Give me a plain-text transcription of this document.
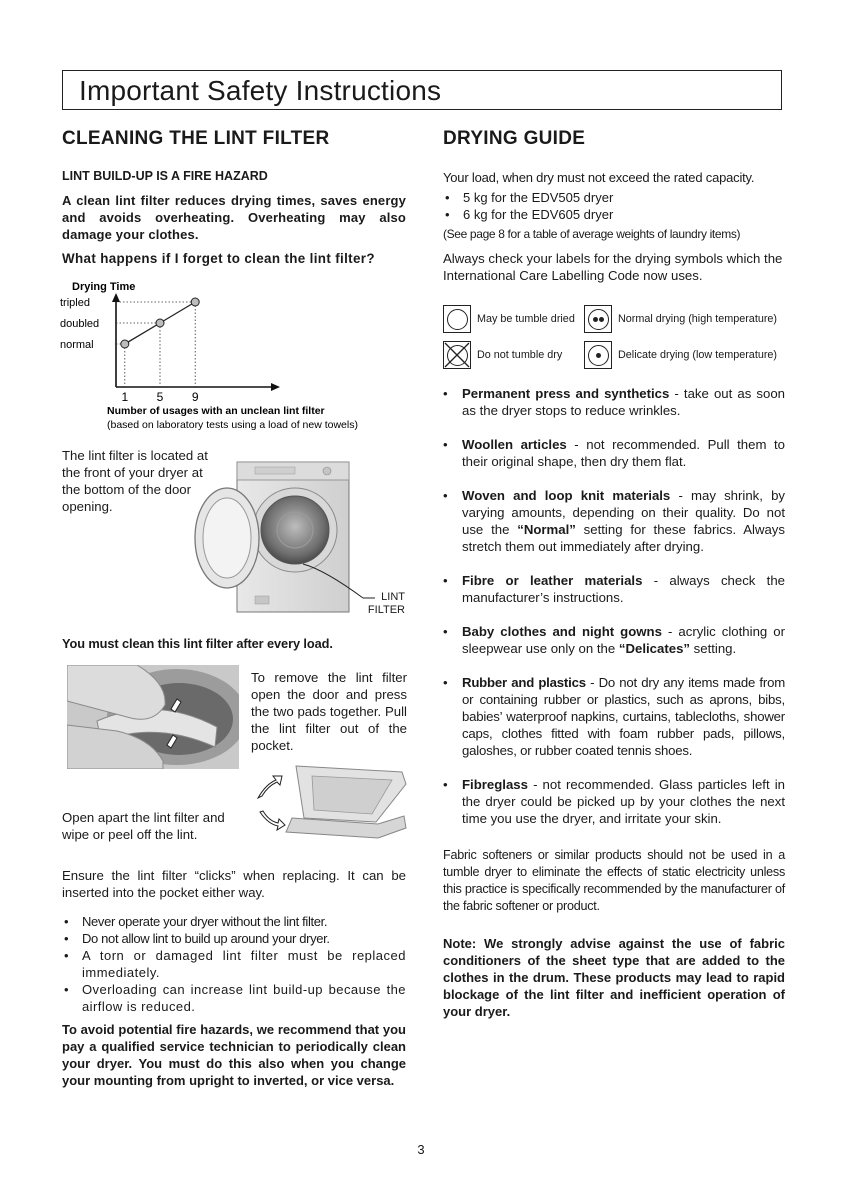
Important Safety Instructions
CLEANING THE LINT FILTER

LINT BUILD-UP IS A FIRE HAZARD

A clean lint filter reduces drying times, saves energy and avoids overheating. Overheating may also damage your clothes.

What happens if I forget to clean the lint filter?

Drying Time
normal
doubled
tripled
1 5 9
Number of usages with an unclean lint filter
(based on laboratory tests using a load of new towels)

The lint filter is located at the front of your dryer at the bottom of the door opening.

LINT
FILTER

You must clean this lint filter after every load.

To remove the lint filter open the door and press the two pads together. Pull the lint filter out of the pocket.

Open apart the lint filter and wipe or peel off the lint.

Ensure the lint filter “clicks” when replacing. It can be inserted into the pocket either way.

• Never operate your dryer without the lint filter.
• Do not allow lint to build up around your dryer.
• A torn or damaged lint filter must be replaced immediately.
• Overloading can increase lint build-up because the airflow is reduced.

To avoid potential fire hazards, we recommend that you pay a qualified service technician to periodically clean your dryer. You must do this also when you change your mounting from upright to inverted, or vice versa.

DRYING GUIDE

Your load, when dry must not exceed the rated capacity.

• 5 kg for the EDV505 dryer
• 6 kg for the EDV605 dryer

(See page 8 for a table of average weights of laundry items)

Always check your labels for the drying symbols which the International Care Labelling Code now uses.

May be tumble dried	Normal drying (high temperature)
Do not tumble dry	Delicate drying (low temperature)
• Permanent press and synthetics - take out as soon as the dryer stops to reduce wrinkles.
• Woollen articles - not recommended. Pull them to their original shape, then dry them flat.
• Woven and loop knit materials - may shrink, by varying amounts, depending on their quality. Do not use the “Normal” setting for these fabrics. Always stretch them out immediately after drying.
• Fibre or leather materials - always check the manufacturer’s instructions.
• Baby clothes and night gowns - acrylic clothing or sleepwear use only on the “Delicates” setting.
• Rubber and plastics - Do not dry any items made from or containing rubber or plastics, such as aprons, bibs, babies’ waterproof napkins, curtains, tablecloths, shower caps, clothes fitted with foam rubber pads, pillows, galoshes, or rubber coated tennis shoes.
• Fibreglass - not recommended. Glass particles left in the dryer could be picked up by your clothes the next time you use the dryer, and irritate your skin.

Fabric softeners or similar products should not be used in a tumble dryer to eliminate the effects of static electricity unless this practice is specifically recommended by the manufacturer of the fabric softener or product.

Note: We strongly advise against the use of fabric conditioners of the sheet type that are added to the clothes in the drum. These products may lead to rapid blockage of the lint filter and inefficient operation of your dryer.

3
